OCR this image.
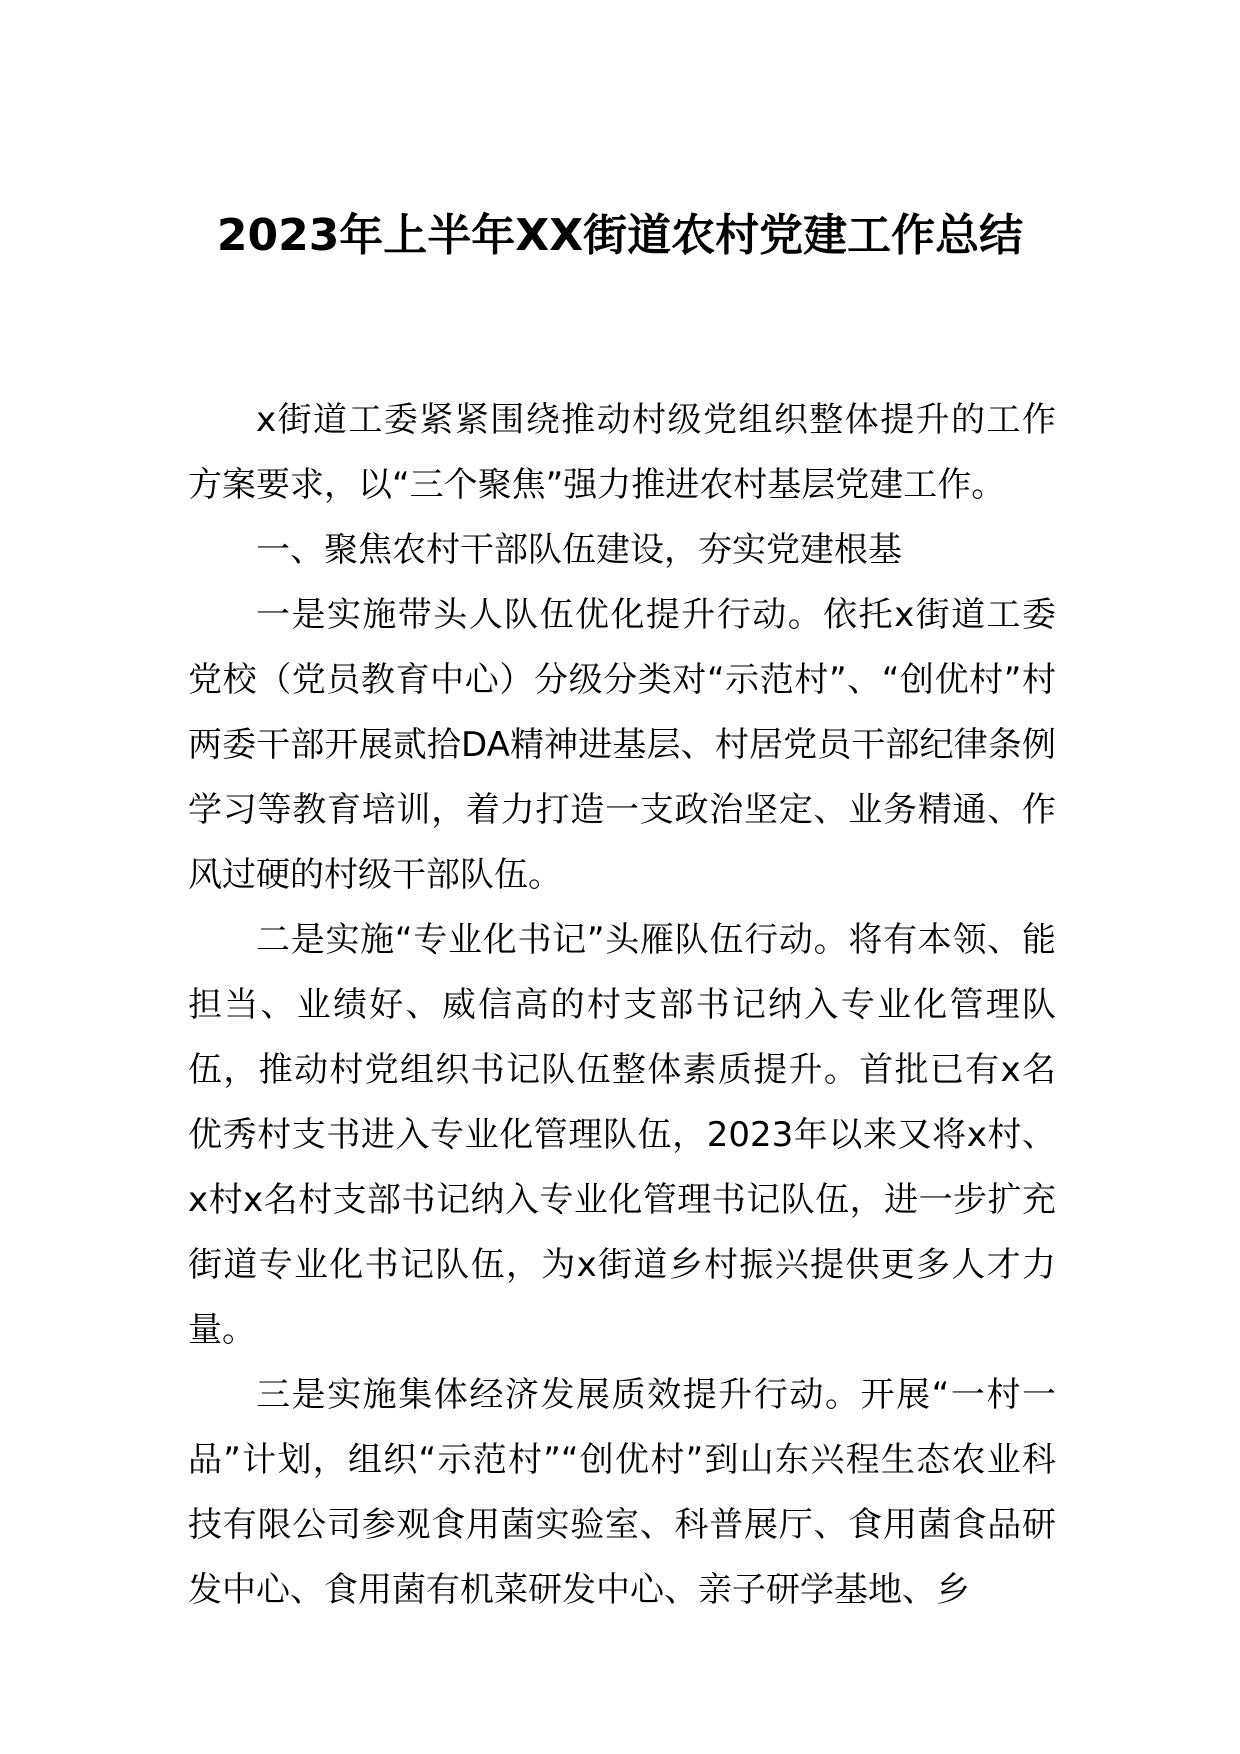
2023年上半年XX街道农村党建工作总结

x街道工委紧紧围绕推动村级党组织整体提升的工作方案要求，以“三个聚焦”强力推进农村基层党建工作。

一、聚焦农村干部队伍建设，夯实党建根基

一是实施带头人队伍优化提升行动。依托x街道工委党校（党员教育中心）分级分类对“示范村”、“创优村”村两委干部开展贰拾DA精神进基层、村居党员干部纪律条例学习等教育培训，着力打造一支政治坚定、业务精通、作风过硬的村级干部队伍。

二是实施“专业化书记”头雁队伍行动。将有本领、能担当、业绩好、威信高的村支部书记纳入专业化管理队伍，推动村党组织书记队伍整体素质提升。首批已有x名优秀村支书进入专业化管理队伍，2023年以来又将x村、x村x名村支部书记纳入专业化管理书记队伍，进一步扩充街道专业化书记队伍，为x街道乡村振兴提供更多人才力量。

三是实施集体经济发展质效提升行动。开展“一村一品”计划，组织“示范村”“创优村”到山东兴程生态农业科技有限公司参观食用菌实验室、科普展厅、食用菌食品研发中心、食用菌有机菜研发中心、亲子研学基地、乡
